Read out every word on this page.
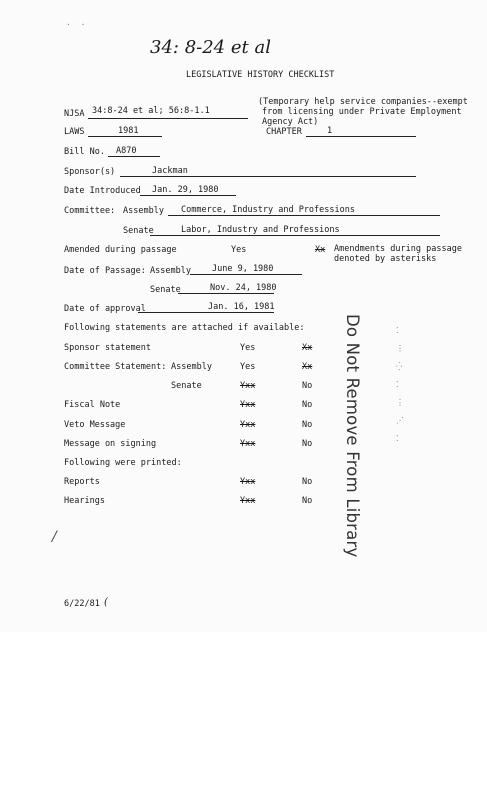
34: 8-24 et al
LEGISLATIVE HISTORY CHECKLIST
NJSA 34:8-24 et al; 56:8-1.1
(Temporary help service companies--exempt
from licensing under Private Employment
Agency Act)
LAWS	1981	CHAPTER	1
Bill No. A870
Sponsor(s)	Jackman
Date Introduced Jan. 29, 1980
Committee: Assembly Commerce, Industry and Professions
Senate	Labor, Industry and Professions
Amended during passage	Yes	Xx Amendments during passage
denoted by asterisks
Date of Passage: Assembly June 9, 1980
Senate	Nov. 24, 1980
Date of approval	Jan. 16, 1981
Following statements are attached if available:
Sponsor statement	Yes	Xx
Committee Statement: Assembly	Yes	Xx
Senate	Yxx	No
Fiscal Note	Yxx	No
Veto Message	Yxx	No
Message on signing	Yxx	No
Following were printed:
Reports	Yxx	No
Hearings	Yxx	No Do Not Remove From Library	⁚
⋮
⁛
⁚
⋮
⋰
⁚
/
·  ·
6/22/81 (
